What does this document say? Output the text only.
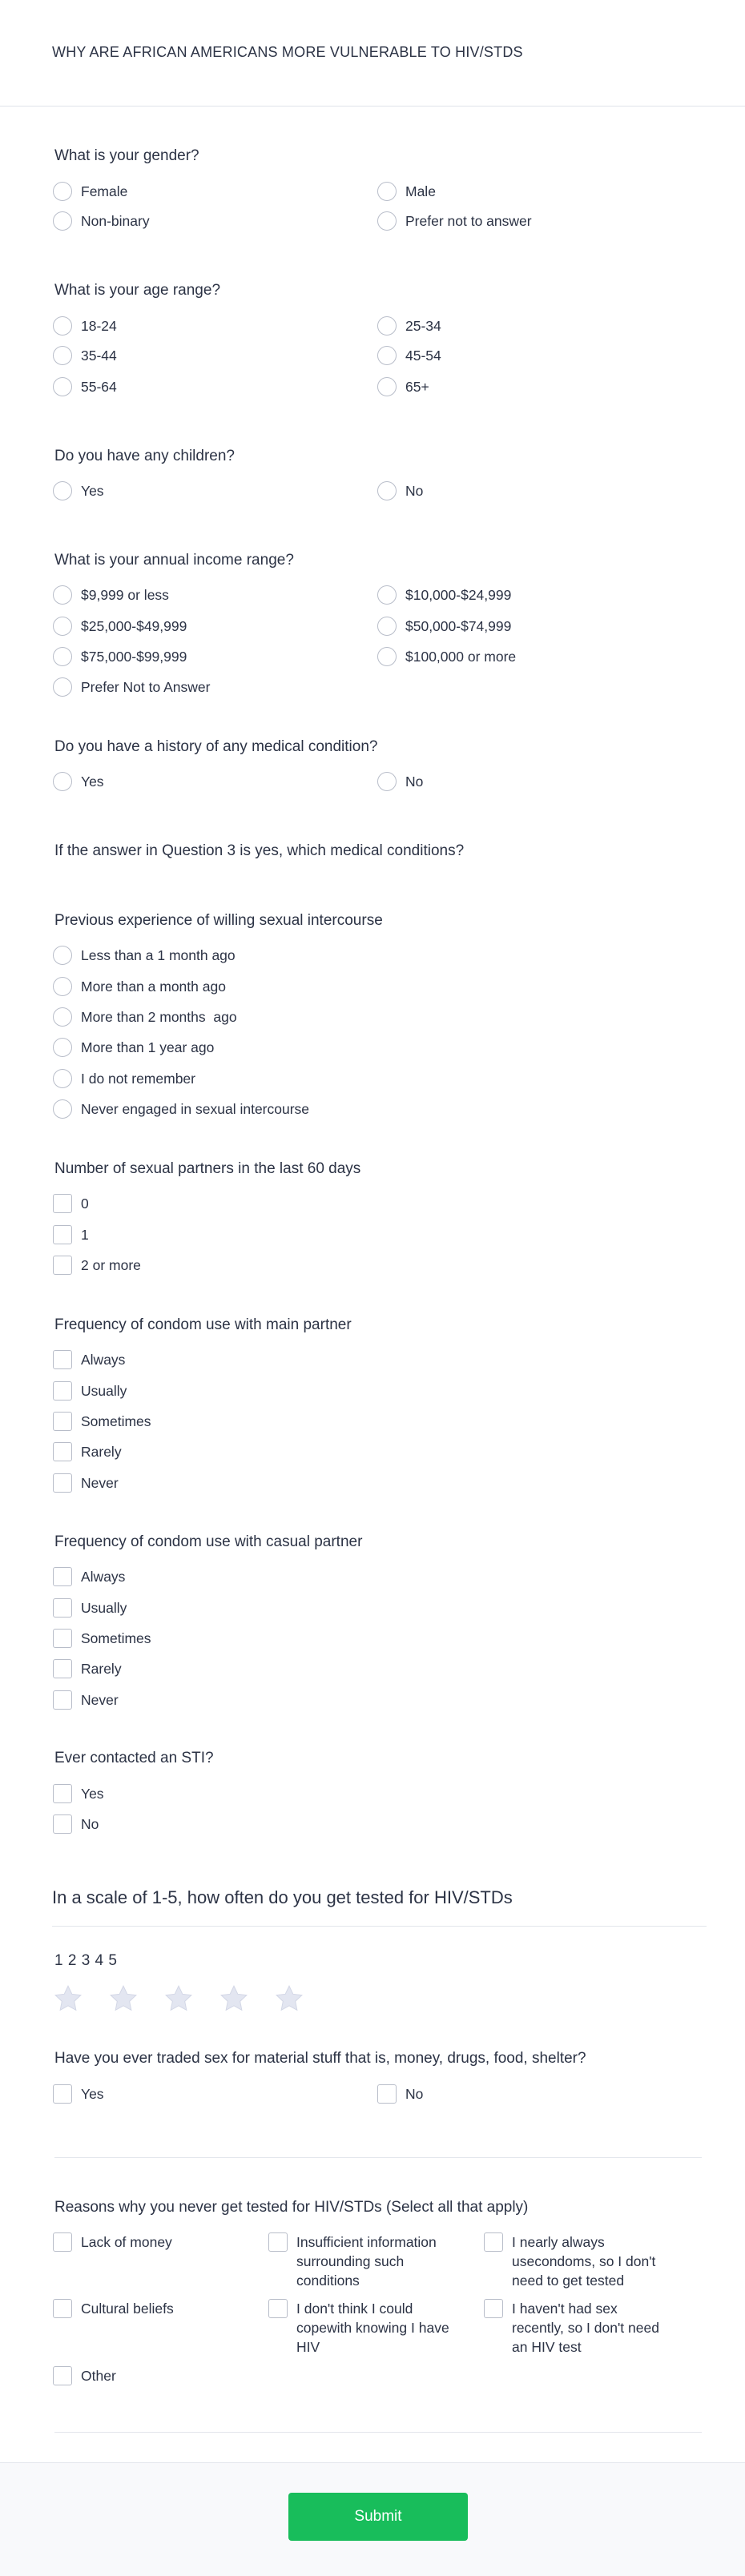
WHY ARE AFRICAN AMERICANS MORE VULNERABLE TO HIV/STDS
What is your gender?
Female	Male
Non-binary	Prefer not to answer
What is your age range?
18-24	25-34
35-44	45-54
55-64	65+
Do you have any children?
Yes	No
What is your annual income range?
$9,999 or less	$10,000-$24,999
$25,000-$49,999	$50,000-$74,999
$75,000-$99,999	$100,000 or more
Prefer Not to Answer
Do you have a history of any medical condition?
Yes	No
If the answer in Question 3 is yes, which medical conditions?
Previous experience of willing sexual intercourse
Less than a 1 month ago
More than a month ago
More than 2 months  ago
More than 1 year ago
I do not remember
Never engaged in sexual intercourse
Number of sexual partners in the last 60 days
0
1
2 or more
Frequency of condom use with main partner
Always
Usually
Sometimes
Rarely
Never
Frequency of condom use with casual partner
Always
Usually
Sometimes
Rarely
Never
Ever contacted an STI?
Yes
No
In a scale of 1-5, how often do you get tested for HIV/STDs
1 2 3 4 5
Have you ever traded sex for material stuff that is, money, drugs, food, shelter?
Yes	No
Reasons why you never get tested for HIV/STDs (Select all that apply)
Lack of money	Insufficient information surrounding such conditions
I nearly always usecondoms, so I don't need to get tested
Cultural beliefs	I don't think I could copewith knowing I have HIV
I haven't had sex recently, so I don't need an HIV test
Other
Submit
